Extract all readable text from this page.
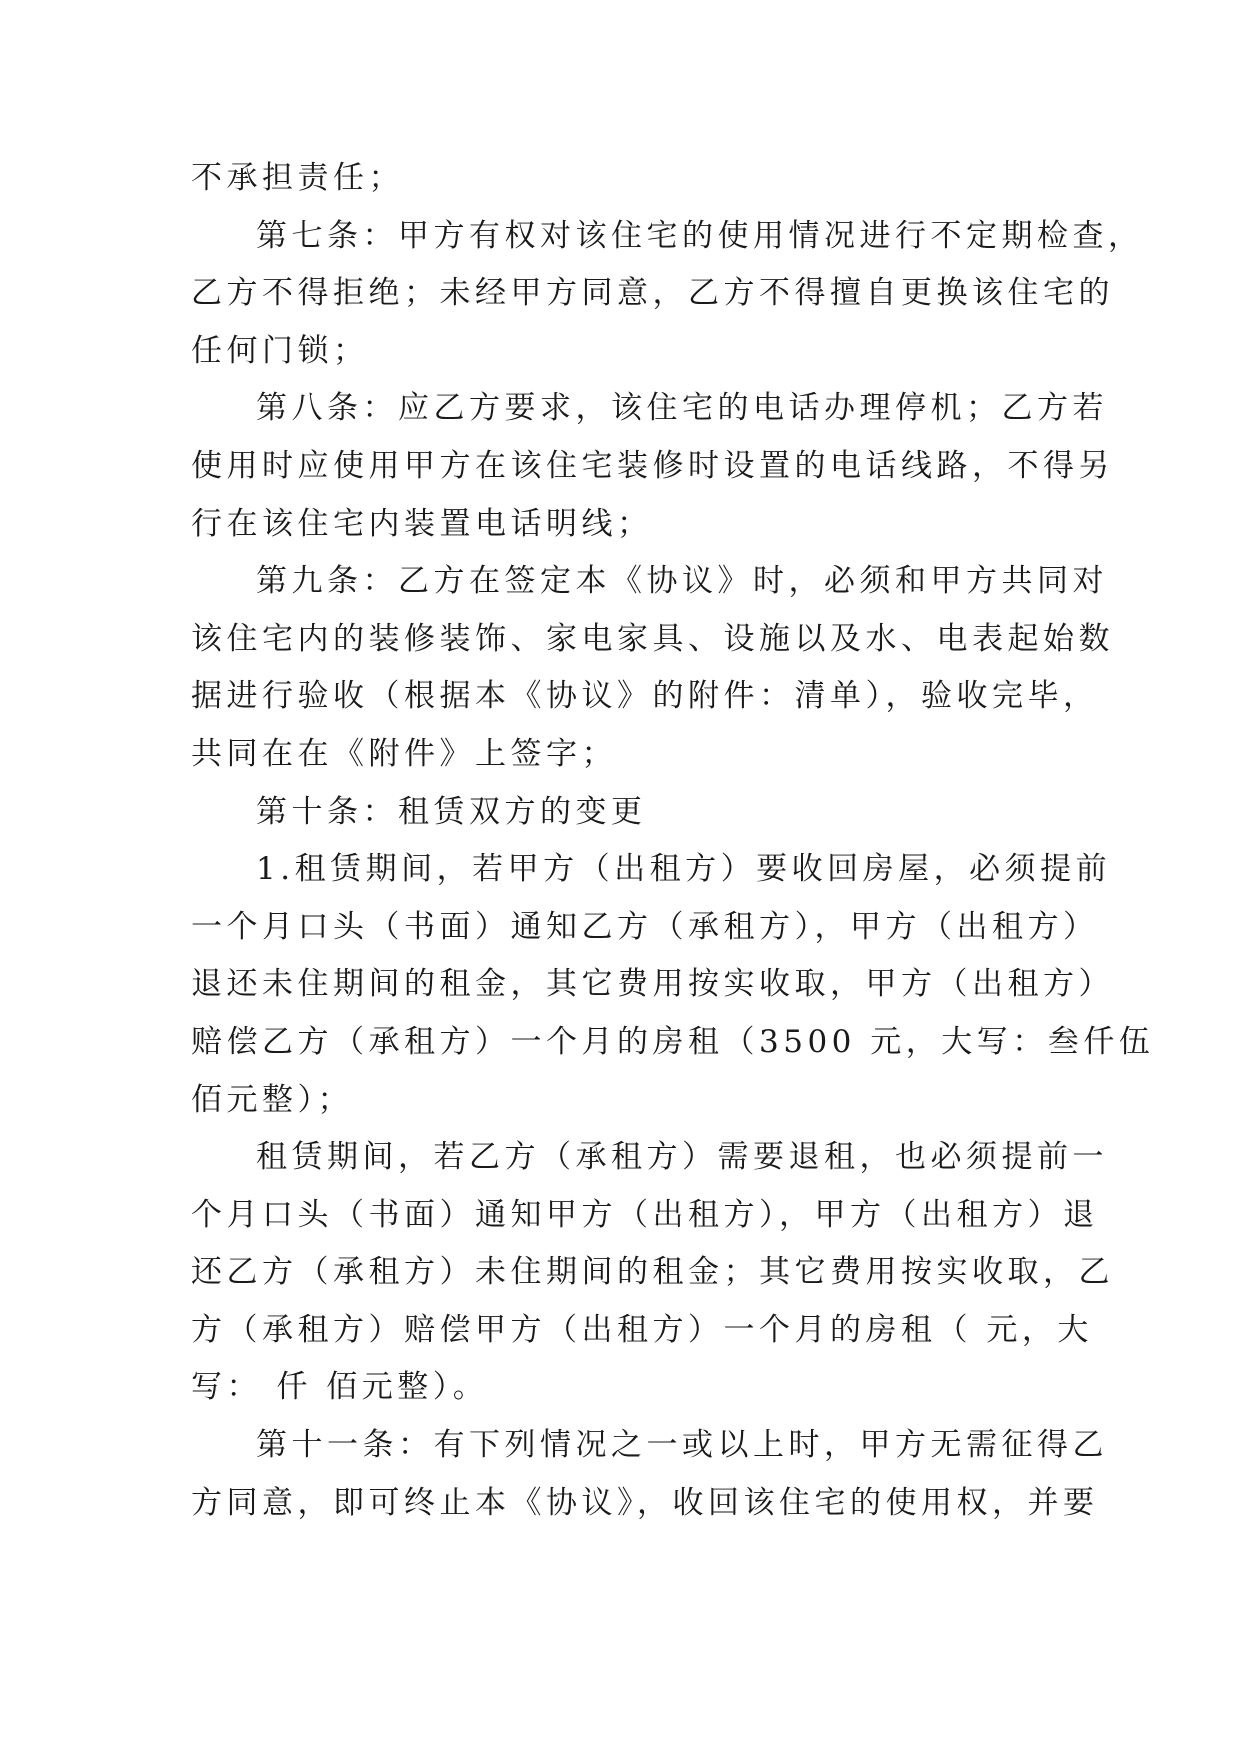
不承担责任；
第七条：甲方有权对该住宅的使用情况进行不定期检查，
乙方不得拒绝；未经甲方同意，乙方不得擅自更换该住宅的
任何门锁；
第八条：应乙方要求，该住宅的电话办理停机；乙方若
使用时应使用甲方在该住宅装修时设置的电话线路，不得另
行在该住宅内装置电话明线；
第九条：乙方在签定本《协议》时，必须和甲方共同对
该住宅内的装修装饰、家电家具、设施以及水、电表起始数
据进行验收（根据本《协议》的附件：清单），验收完毕，
共同在在《附件》上签字；
第十条：租赁双方的变更
1.租赁期间，若甲方（出租方）要收回房屋，必须提前
一个月口头（书面）通知乙方（承租方），甲方（出租方）
退还未住期间的租金，其它费用按实收取，甲方（出租方）
赔偿乙方（承租方）一个月的房租（3500 元，大写：叁仟伍
佰元整）；
租赁期间，若乙方（承租方）需要退租，也必须提前一
个月口头（书面）通知甲方（出租方），甲方（出租方）退
还乙方（承租方）未住期间的租金；其它费用按实收取，乙
方（承租方）赔偿甲方（出租方）一个月的房租（ 元，大
写： 仟 佰元整）。
第十一条：有下列情况之一或以上时，甲方无需征得乙
方同意，即可终止本《协议》，收回该住宅的使用权，并要
